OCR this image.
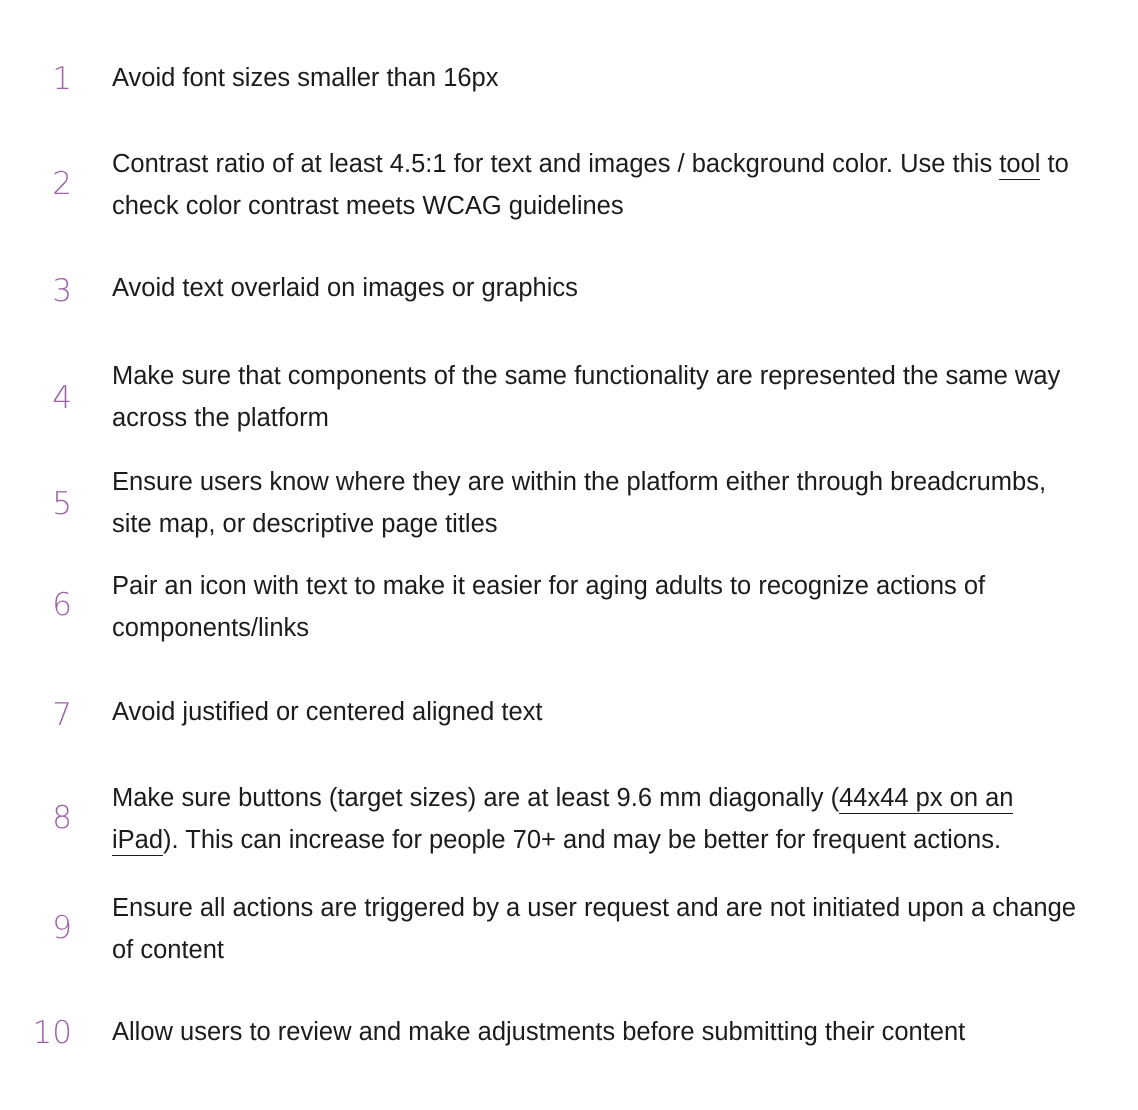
1 Avoid font sizes smaller than 16px

2

Contrast ratio of at least 4.5:1 for text and images / background color. Use this tool to check color contrast meets WCAG guidelines

3 Avoid text overlaid on images or graphics

4

Make sure that components of the same functionality are represented the same way across the platform

5

Ensure users know where they are within the platform either through breadcrumbs, site map, or descriptive page titles

6

Pair an icon with text to make it easier for aging adults to recognize actions of components/links

7 Avoid justified or centered aligned text

8

Make sure buttons (target sizes) are at least 9.6 mm diagonally (44x44 px on an iPad). This can increase for people 70+ and may be better for frequent actions.

9

Ensure all actions are triggered by a user request and are not initiated upon a change of content

10 Allow users to review and make adjustments before submitting their content
